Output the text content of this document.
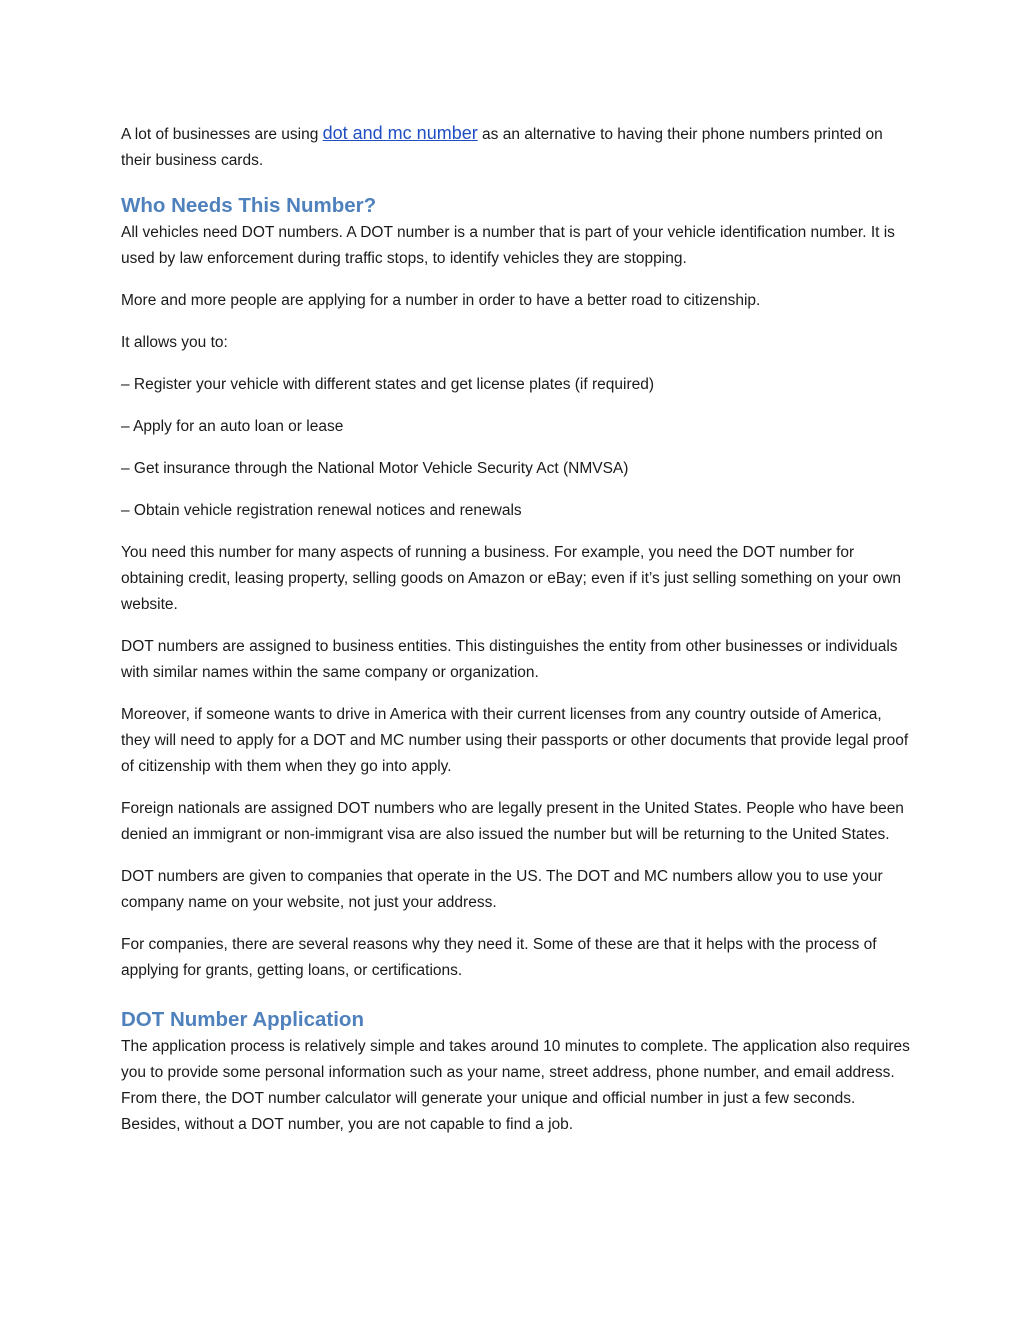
A lot of businesses are using dot and mc number as an alternative to having their phone numbers printed on their business cards.

Who Needs This Number?

All vehicles need DOT numbers. A DOT number is a number that is part of your vehicle identification number. It is used by law enforcement during traffic stops, to identify vehicles they are stopping.

More and more people are applying for a number in order to have a better road to citizenship.

It allows you to:

– Register your vehicle with different states and get license plates (if required)

– Apply for an auto loan or lease

– Get insurance through the National Motor Vehicle Security Act (NMVSA)

– Obtain vehicle registration renewal notices and renewals

You need this number for many aspects of running a business. For example, you need the DOT number for obtaining credit, leasing property, selling goods on Amazon or eBay; even if it’s just selling something on your own website.

DOT numbers are assigned to business entities. This distinguishes the entity from other businesses or individuals with similar names within the same company or organization.

Moreover, if someone wants to drive in America with their current licenses from any country outside of America, they will need to apply for a DOT and MC number using their passports or other documents that provide legal proof of citizenship with them when they go into apply.

Foreign nationals are assigned DOT numbers who are legally present in the United States. People who have been denied an immigrant or non-immigrant visa are also issued the number but will be returning to the United States.

DOT numbers are given to companies that operate in the US. The DOT and MC numbers allow you to use your company name on your website, not just your address.

For companies, there are several reasons why they need it. Some of these are that it helps with the process of applying for grants, getting loans, or certifications.

DOT Number Application

The application process is relatively simple and takes around 10 minutes to complete. The application also requires you to provide some personal information such as your name, street address, phone number, and email address. From there, the DOT number calculator will generate your unique and official number in just a few seconds. Besides, without a DOT number, you are not capable to find a job.
